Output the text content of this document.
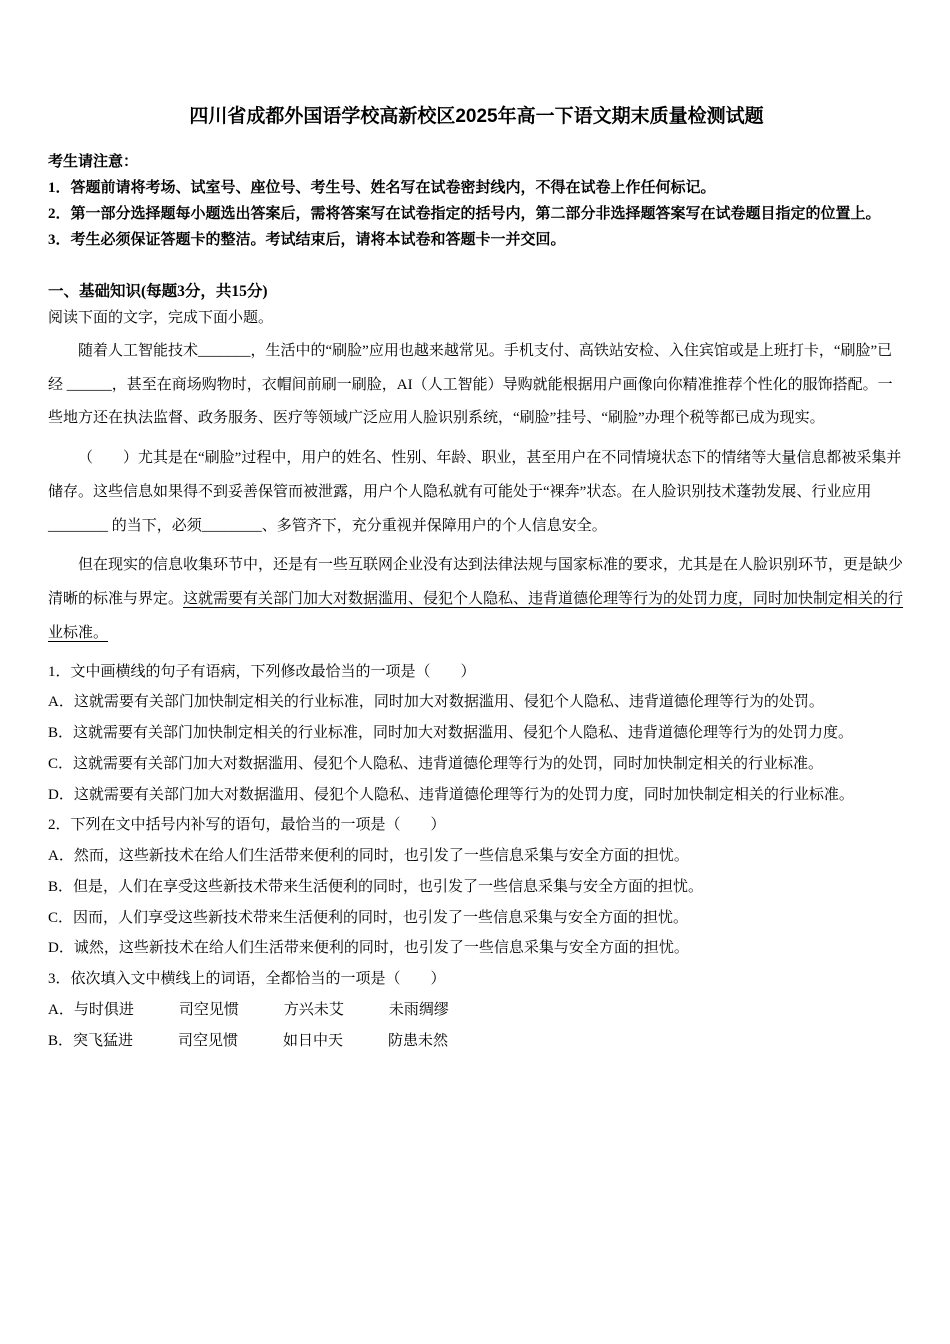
四川省成都外国语学校高新校区2025年高一下语文期末质量检测试题

考生请注意：

1．答题前请将考场、试室号、座位号、考生号、姓名写在试卷密封线内，不得在试卷上作任何标记。

2．第一部分选择题每小题选出答案后，需将答案写在试卷指定的括号内，第二部分非选择题答案写在试卷题目指定的位置上。

3．考生必须保证答题卡的整洁。考试结束后，请将本试卷和答题卡一并交回。

一、基础知识(每题3分，共15分)

阅读下面的文字，完成下面小题。

随着人工智能技术_______，生活中的“刷脸”应用也越来越常见。手机支付、高铁站安检、入住宾馆或是上班打卡，“刷脸”已经 ______，甚至在商场购物时，衣帽间前刷一刷脸，AI（人工智能）导购就能根据用户画像向你精准推荐个性化的服饰搭配。一些地方还在执法监督、政务服务、医疗等领域广泛应用人脸识别系统，“刷脸”挂号、“刷脸”办理个税等都已成为现实。

（　　）尤其是在“刷脸”过程中，用户的姓名、性别、年龄、职业，甚至用户在不同情境状态下的情绪等大量信息都被采集并储存。这些信息如果得不到妥善保管而被泄露，用户个人隐私就有可能处于“裸奔”状态。在人脸识别技术蓬勃发展、行业应用________ 的当下，必须________、多管齐下，充分重视并保障用户的个人信息安全。

但在现实的信息收集环节中，还是有一些互联网企业没有达到法律法规与国家标准的要求，尤其是在人脸识别环节，更是缺少清晰的标准与界定。这就需要有关部门加大对数据滥用、侵犯个人隐私、违背道德伦理等行为的处罚力度，同时加快制定相关的行业标准。

1．文中画横线的句子有语病，下列修改最恰当的一项是（　　）

A．这就需要有关部门加快制定相关的行业标准，同时加大对数据滥用、侵犯个人隐私、违背道德伦理等行为的处罚。

B．这就需要有关部门加快制定相关的行业标准，同时加大对数据滥用、侵犯个人隐私、违背道德伦理等行为的处罚力度。

C．这就需要有关部门加大对数据滥用、侵犯个人隐私、违背道德伦理等行为的处罚，同时加快制定相关的行业标准。

D．这就需要有关部门加大对数据滥用、侵犯个人隐私、违背道德伦理等行为的处罚力度，同时加快制定相关的行业标准。

2．下列在文中括号内补写的语句，最恰当的一项是（　　）

A．然而，这些新技术在给人们生活带来便利的同时，也引发了一些信息采集与安全方面的担忧。

B．但是，人们在享受这些新技术带来生活便利的同时，也引发了一些信息采集与安全方面的担忧。

C．因而，人们享受这些新技术带来生活便利的同时，也引发了一些信息采集与安全方面的担忧。

D．诚然，这些新技术在给人们生活带来便利的同时，也引发了一些信息采集与安全方面的担忧。

3．依次填入文中横线上的词语，全都恰当的一项是（　　）

A．与时俱进　　　司空见惯　　　方兴未艾　　　未雨绸缪

B．突飞猛进　　　司空见惯　　　如日中天　　　防患未然
